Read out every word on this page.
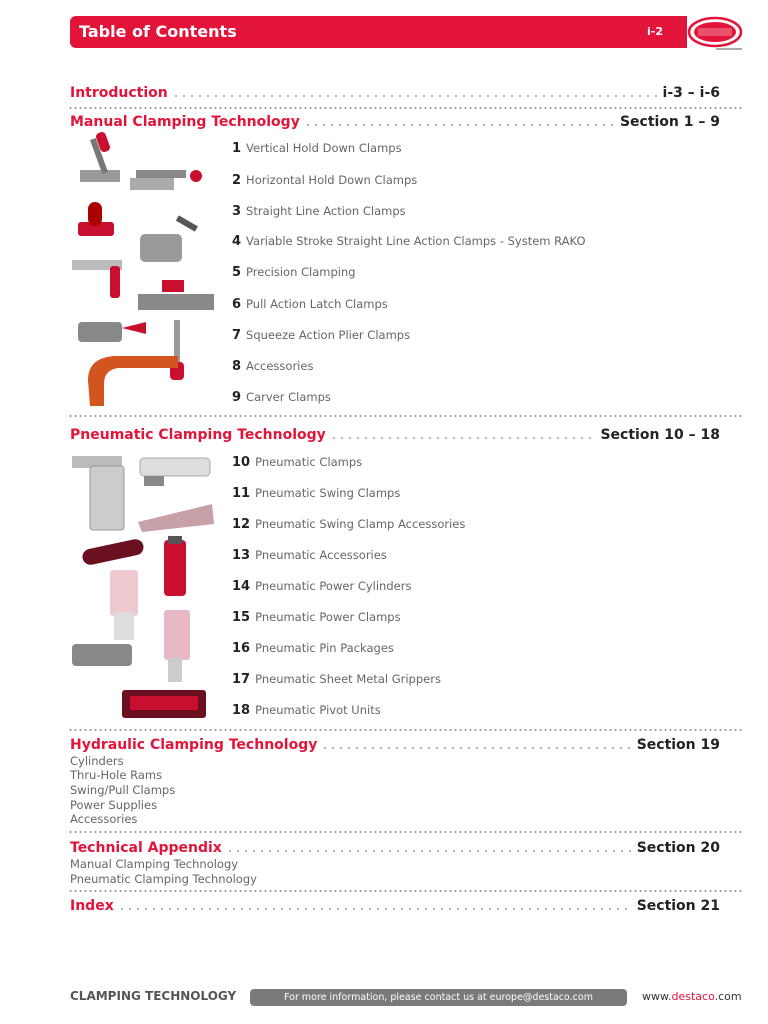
Table of Contents	i-2
Introduction	i-3 – i-6
Manual Clamping Technology	Section 1 – 9
1 Vertical Hold Down Clamps
2 Horizontal Hold Down Clamps
3 Straight Line Action Clamps
4 Variable Stroke Straight Line Action Clamps - System RAKO
5 Precision Clamping
6 Pull Action Latch Clamps
7 Squeeze Action Plier Clamps
8 Accessories
9 Carver Clamps
Pneumatic Clamping Technology	Section 10 – 18
10 Pneumatic Clamps
11 Pneumatic Swing Clamps
12 Pneumatic Swing Clamp Accessories
13 Pneumatic Accessories
14 Pneumatic Power Cylinders
15 Pneumatic Power Clamps
16 Pneumatic Pin Packages
17 Pneumatic Sheet Metal Grippers
18 Pneumatic Pivot Units
Hydraulic Clamping Technology	Section 19
Cylinders
Thru-Hole Rams
Swing/Pull Clamps
Power Supplies
Accessories
Technical Appendix	Section 20
Manual Clamping Technology
Pneumatic Clamping Technology
Index	Section 21
CLAMPING TECHNOLOGY	For more information, please contact us at europe@destaco.com	www.destaco.com
